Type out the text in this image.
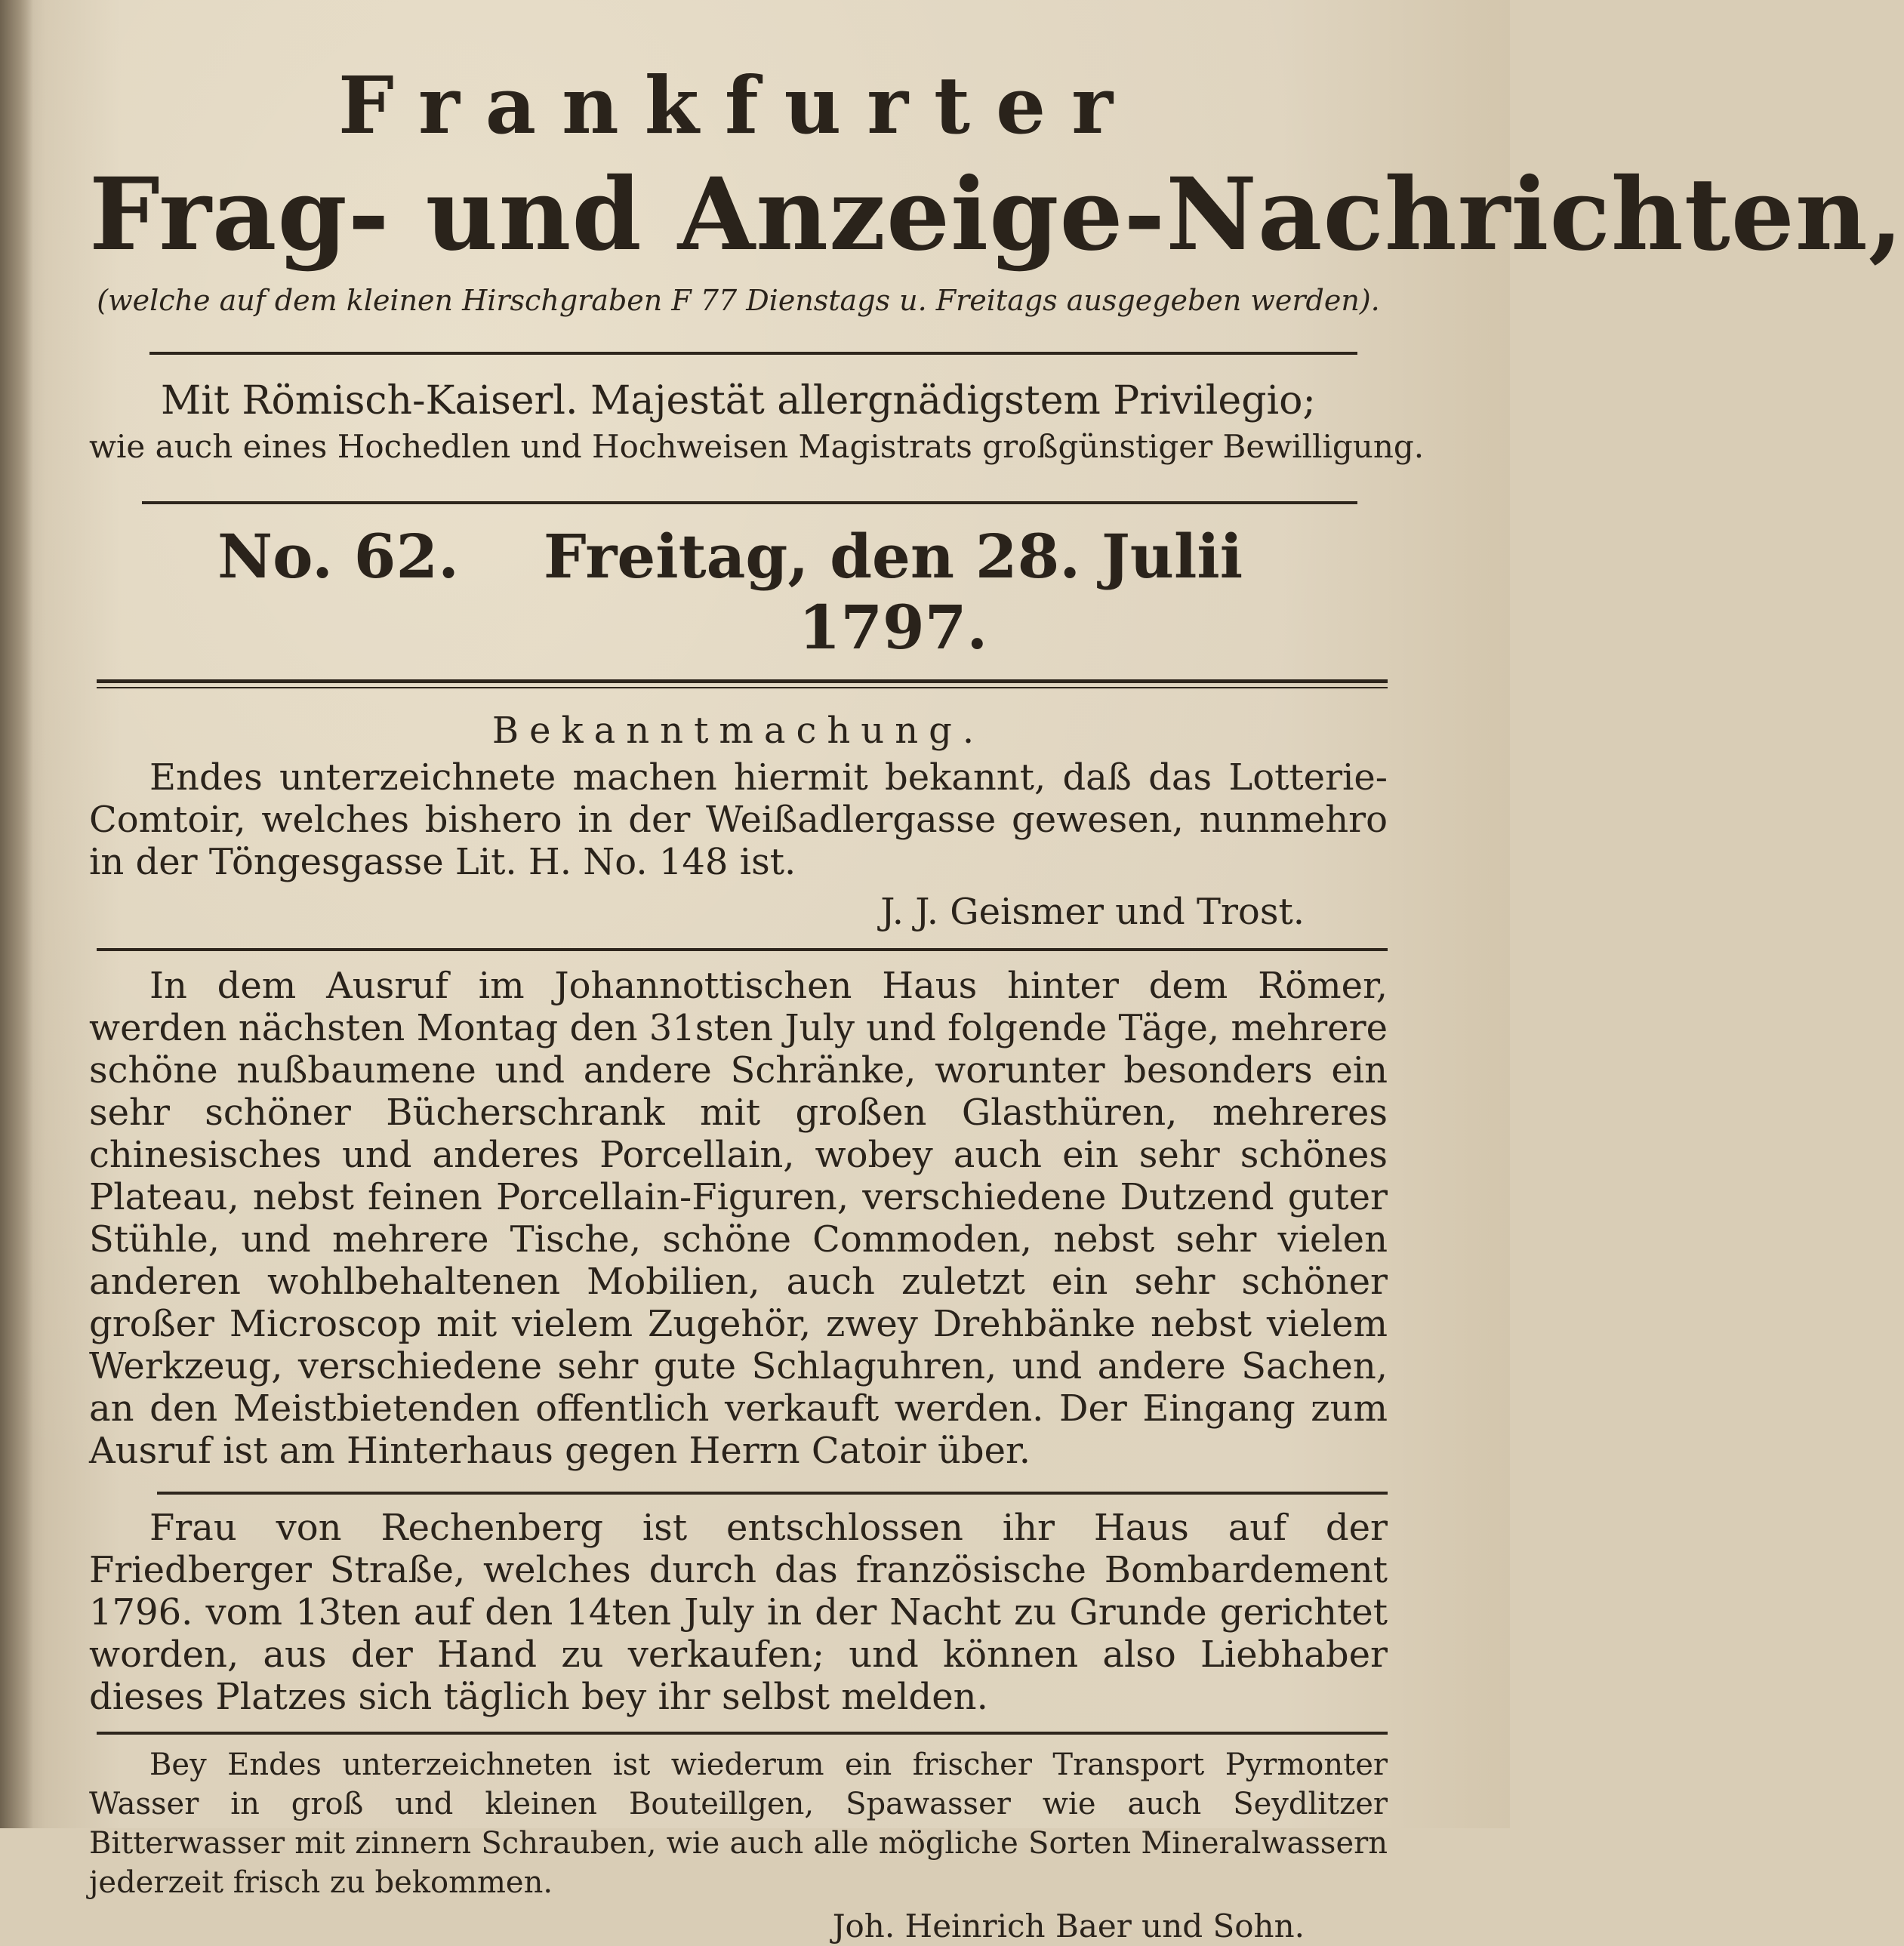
Frankfurter
Frag- und Anzeige-Nachrichten,
(welche auf dem kleinen Hirschgraben F 77 Dienstags u. Freitags ausgegeben werden).
Mit Römisch-Kaiserl. Majestät allergnädigstem Privilegio;
wie auch eines Hochedlen und Hochweisen Magistrats großgünstiger Bewilligung.
No. 62.	Freitag, den 28. Julii 1797.
Bekanntmachung.

Endes unterzeichnete machen hiermit bekannt, daß das Lotterie-Comtoir, welches bishero in der Weißadlergasse gewesen, nunmehro in der Töngesgasse Lit. H. No. 148 ist.

J. J. Geismer und Trost.

In dem Ausruf im Johannottischen Haus hinter dem Römer, werden nächsten Montag den 31sten July und folgende Täge, mehrere schöne nußbaumene und andere Schränke, worunter besonders ein sehr schöner Bücherschrank mit großen Glasthüren, mehreres chinesisches und anderes Porcellain, wobey auch ein sehr schönes Plateau, nebst feinen Porcellain-Figuren, verschiedene Dutzend guter Stühle, und mehrere Tische, schöne Commoden, nebst sehr vielen anderen wohlbehaltenen Mobilien, auch zuletzt ein sehr schöner großer Microscop mit vielem Zugehör, zwey Drehbänke nebst vielem Werkzeug, verschiedene sehr gute Schlaguhren, und andere Sachen, an den Meistbietenden offentlich verkauft werden. Der Eingang zum Ausruf ist am Hinterhaus gegen Herrn Catoir über.

Frau von Rechenberg ist entschlossen ihr Haus auf der Friedberger Straße, welches durch das französische Bombardement 1796. vom 13ten auf den 14ten July in der Nacht zu Grunde gerichtet worden, aus der Hand zu verkaufen; und können also Liebhaber dieses Platzes sich täglich bey ihr selbst melden.

Bey Endes unterzeichneten ist wiederum ein frischer Transport Pyrmonter Wasser in groß und kleinen Bouteillgen, Spawasser wie auch Seydlitzer Bitterwasser mit zinnern Schrauben, wie auch alle mögliche Sorten Mineralwassern jederzeit frisch zu bekommen.

Joh. Heinrich Baer und Sohn.
